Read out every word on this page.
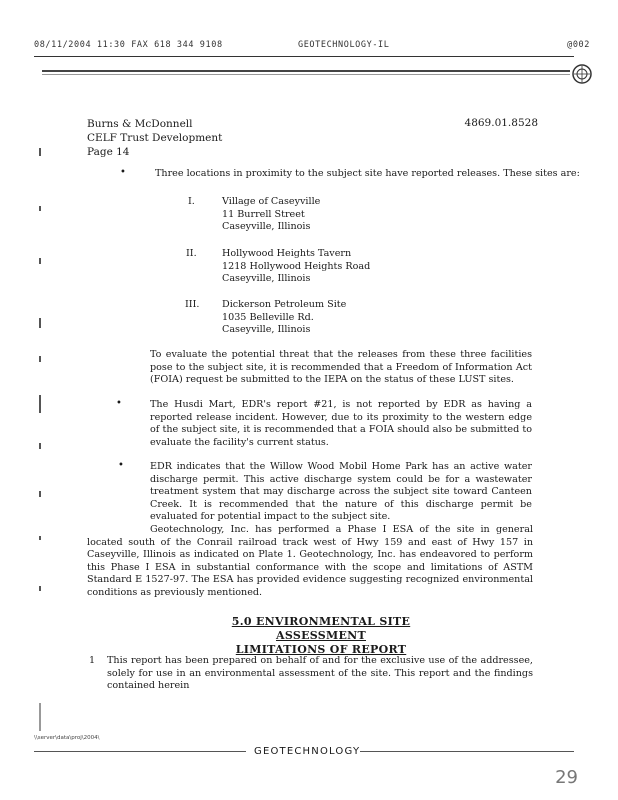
08/11/2004 11:30 FAX 618 344 9108	GEOTECHNOLOGY-IL	@002
Burns & McDonnell
CELF Trust Development
Page 14
4869.01.8528
•	Three locations in proximity to the subject site have reported releases. These sites are:
I.	Village of Caseyville
11 Burrell Street
Caseyville, Illinois
II.	Hollywood Heights Tavern
1218 Hollywood Heights Road
Caseyville, Illinois
III. Dickerson Petroleum Site
1035 Belleville Rd.
Caseyville, Illinois
To evaluate the potential threat that the releases from these three facilities pose to the subject site, it is recommended that a Freedom of Information Act (FOIA) request be submitted to the IEPA on the status of these LUST sites.
•	The Husdi Mart, EDR's report #21, is not reported by EDR as having a reported release incident. However, due to its proximity to the western edge of the subject site, it is recommended that a FOIA should also be submitted to evaluate the facility's current status.
•	EDR indicates that the Willow Wood Mobil Home Park has an active water discharge permit. This active discharge system could be for a wastewater treatment system that may discharge across the subject site toward Canteen Creek. It is recommended that the nature of this discharge permit be evaluated for potential impact to the subject site.
Geotechnology, Inc. has performed a Phase I ESA of the site in general located south of the Conrail railroad track west of Hwy 159 and east of Hwy 157 in Caseyville, Illinois as indicated on Plate 1. Geotechnology, Inc. has endeavored to perform this Phase I ESA in substantial conformance with the scope and limitations of ASTM Standard E 1527-97. The ESA has provided evidence suggesting recognized environmental conditions as previously mentioned.
5.0 ENVIRONMENTAL SITE ASSESSMENT
LIMITATIONS OF REPORT
1 This report has been prepared on behalf of and for the exclusive use of the addressee, solely for use in an environmental assessment of the site. This report and the findings contained herein
\\server\data\proj\2004\
GEOTECHNOLOGY
29
